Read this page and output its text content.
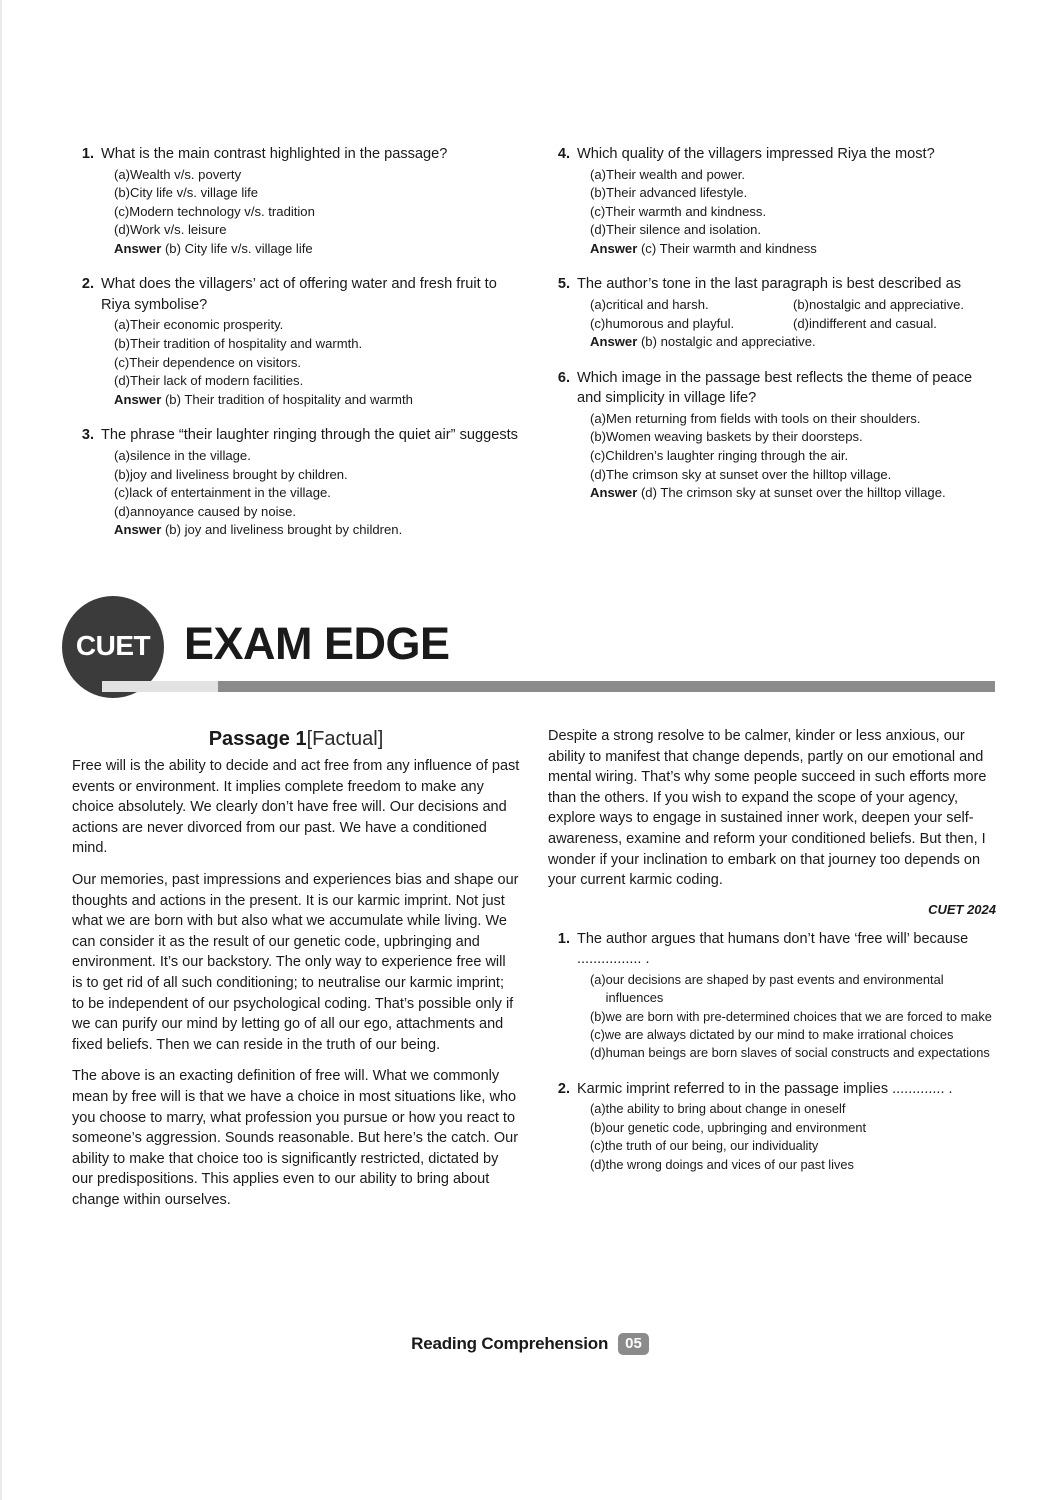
1. What is the main contrast highlighted in the passage?
(a) Wealth v/s. poverty
(b) City life v/s. village life
(c) Modern technology v/s. tradition
(d) Work v/s. leisure
Answer (b) City life v/s. village life
2. What does the villagers’ act of offering water and fresh fruit to Riya symbolise?
(a) Their economic prosperity.
(b) Their tradition of hospitality and warmth.
(c) Their dependence on visitors.
(d) Their lack of modern facilities.
Answer (b) Their tradition of hospitality and warmth
3. The phrase “their laughter ringing through the quiet air” suggests
(a) silence in the village.
(b) joy and liveliness brought by children.
(c) lack of entertainment in the village.
(d) annoyance caused by noise.
Answer (b) joy and liveliness brought by children.
4. Which quality of the villagers impressed Riya the most?
(a) Their wealth and power.
(b) Their advanced lifestyle.
(c) Their warmth and kindness.
(d) Their silence and isolation.
Answer (c) Their warmth and kindness
5. The author’s tone in the last paragraph is best described as
(a) critical and harsh.	(b) nostalgic and appreciative.
(c) humorous and playful.	(d) indifferent and casual.
Answer (b) nostalgic and appreciative.
6. Which image in the passage best reflects the theme of peace and simplicity in village life?
(a) Men returning from fields with tools on their shoulders.
(b) Women weaving baskets by their doorsteps.
(c) Children’s laughter ringing through the air.
(d) The crimson sky at sunset over the hilltop village.
Answer (d) The crimson sky at sunset over the hilltop village.
CUET EXAM EDGE
Passage 1[Factual]

Free will is the ability to decide and act free from any influence of past events or environment. It implies complete freedom to make any choice absolutely. We clearly don’t have free will. Our decisions and actions are never divorced from our past. We have a conditioned mind.

Our memories, past impressions and experiences bias and shape our thoughts and actions in the present. It is our karmic imprint. Not just what we are born with but also what we accumulate while living. We can consider it as the result of our genetic code, upbringing and environment. It’s our backstory. The only way to experience free will is to get rid of all such conditioning; to neutralise our karmic imprint; to be independent of our psychological coding. That’s possible only if we can purify our mind by letting go of all our ego, attachments and fixed beliefs. Then we can reside in the truth of our being.

The above is an exacting definition of free will. What we commonly mean by free will is that we have a choice in most situations like, who you choose to marry, what profession you pursue or how you react to someone’s aggression. Sounds reasonable. But here’s the catch. Our ability to make that choice too is significantly restricted, dictated by our predispositions. This applies even to our ability to bring about change within ourselves.

Despite a strong resolve to be calmer, kinder or less anxious, our ability to manifest that change depends, partly on our emotional and mental wiring. That’s why some people succeed in such efforts more than the others. If you wish to expand the scope of your agency, explore ways to engage in sustained inner work, deepen your self-awareness, examine and reform your conditioned beliefs. But then, I wonder if your inclination to embark on that journey too depends on your current karmic coding.

CUET 2024
1. The author argues that humans don’t have ‘free will’ because ................ .
(a) our decisions are shaped by past events and environmental influences
(b) we are born with pre-determined choices that we are forced to make
(c) we are always dictated by our mind to make irrational choices
(d) human beings are born slaves of social constructs and expectations
2. Karmic imprint referred to in the passage implies ............. .
(a) the ability to bring about change in oneself
(b) our genetic code, upbringing and environment
(c) the truth of our being, our individuality
(d) the wrong doings and vices of our past lives
Reading Comprehension	05
